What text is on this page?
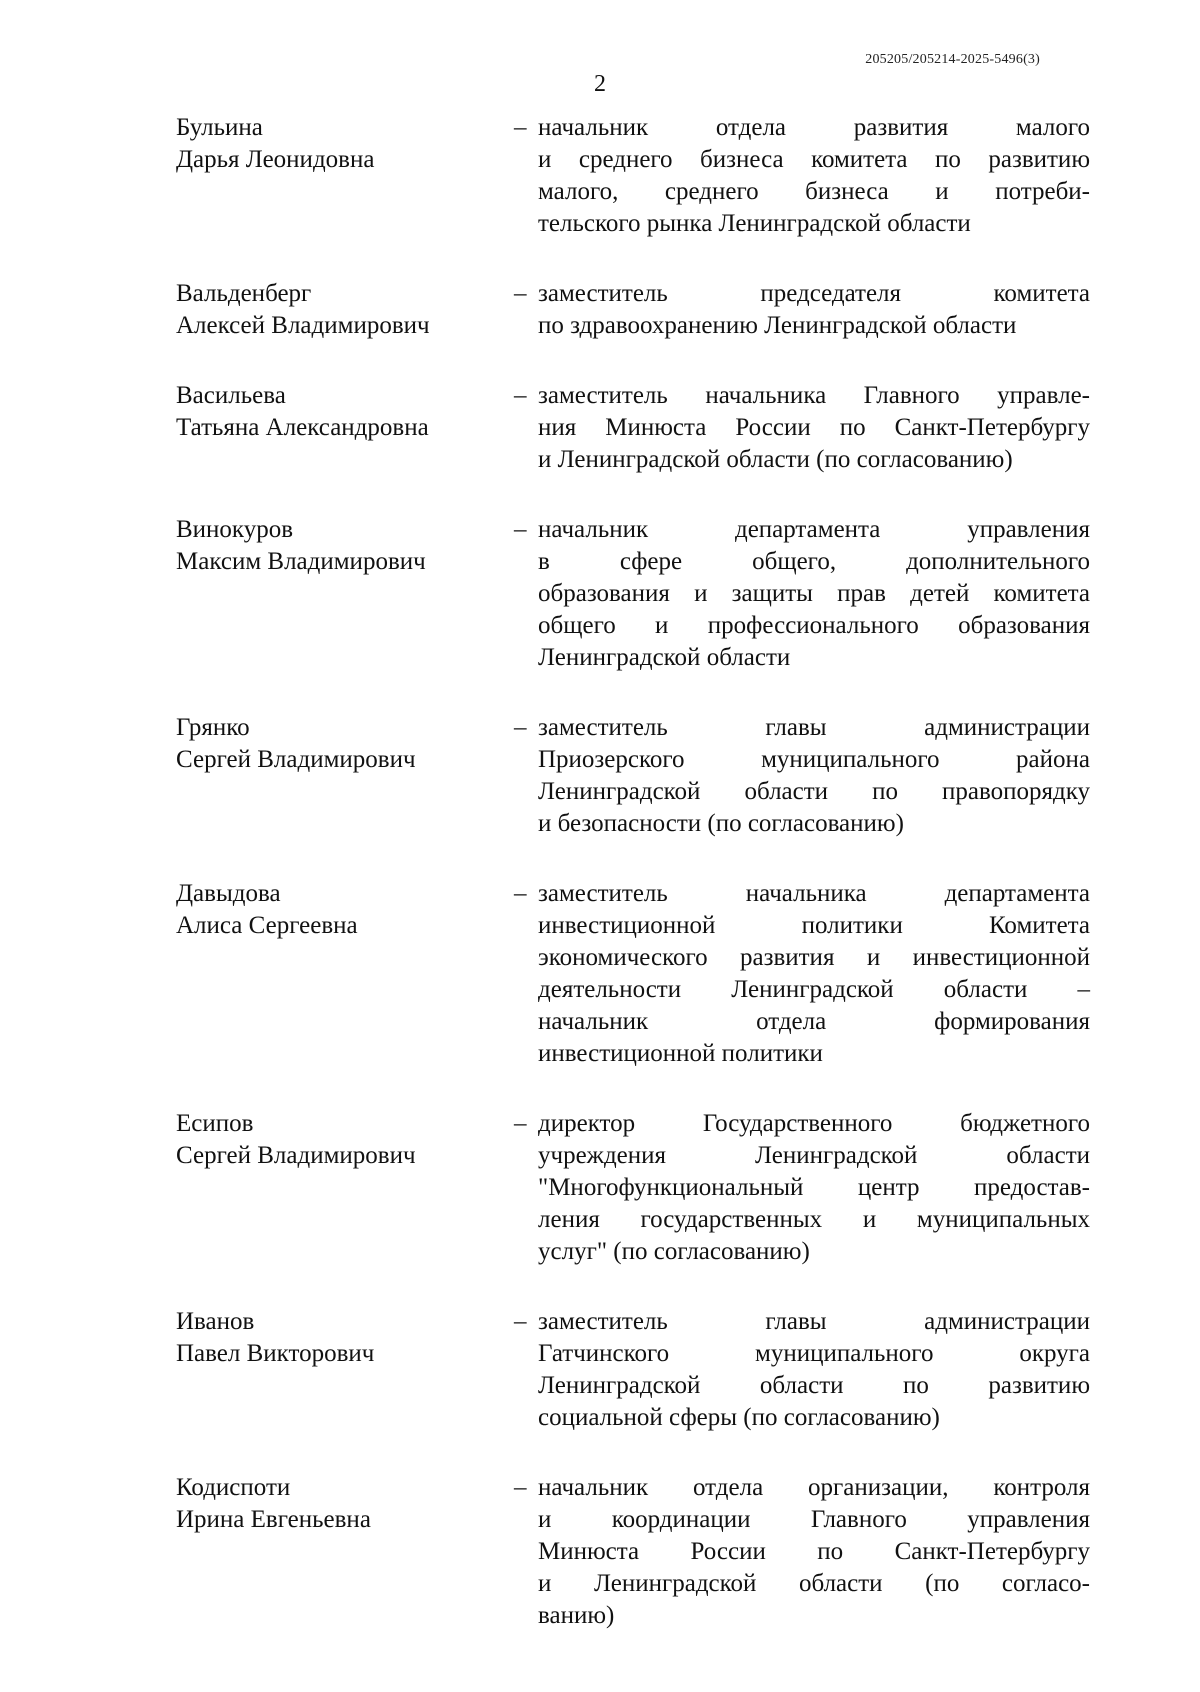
205205/205214-2025-5496(3)
2
Бульина
Дарья Леонидовна
– начальник отдела развития малого
и среднего бизнеса комитета по развитию
малого, среднего бизнеса и потреби-
тельского рынка Ленинградской области
Вальденберг
Алексей Владимирович
– заместитель председателя комитета
по здравоохранению Ленинградской области
Васильева
Татьяна Александровна
– заместитель начальника Главного управле-
ния Минюста России по Санкт-Петербургу
и Ленинградской области (по согласованию)
Винокуров
Максим Владимирович
– начальник департамента управления
в сфере общего, дополнительного
образования и защиты прав детей комитета
общего и профессионального образования
Ленинградской области
Грянко
Сергей Владимирович
– заместитель главы администрации
Приозерского муниципального района
Ленинградской области по правопорядку
и безопасности (по согласованию)
Давыдова
Алиса Сергеевна
– заместитель начальника департамента
инвестиционной политики Комитета
экономического развития и инвестиционной
деятельности Ленинградской области –
начальник отдела формирования
инвестиционной политики
Есипов
Сергей Владимирович
– директор Государственного бюджетного
учреждения Ленинградской области
"Многофункциональный центр предостав-
ления государственных и муниципальных
услуг" (по согласованию)
Иванов
Павел Викторович
– заместитель главы администрации
Гатчинского муниципального округа
Ленинградской области по развитию
социальной сферы (по согласованию)
Кодиспоти
Ирина Евгеньевна
– начальник отдела организации, контроля
и координации Главного управления
Минюста России по Санкт-Петербургу
и Ленинградской области (по согласо-
ванию)
